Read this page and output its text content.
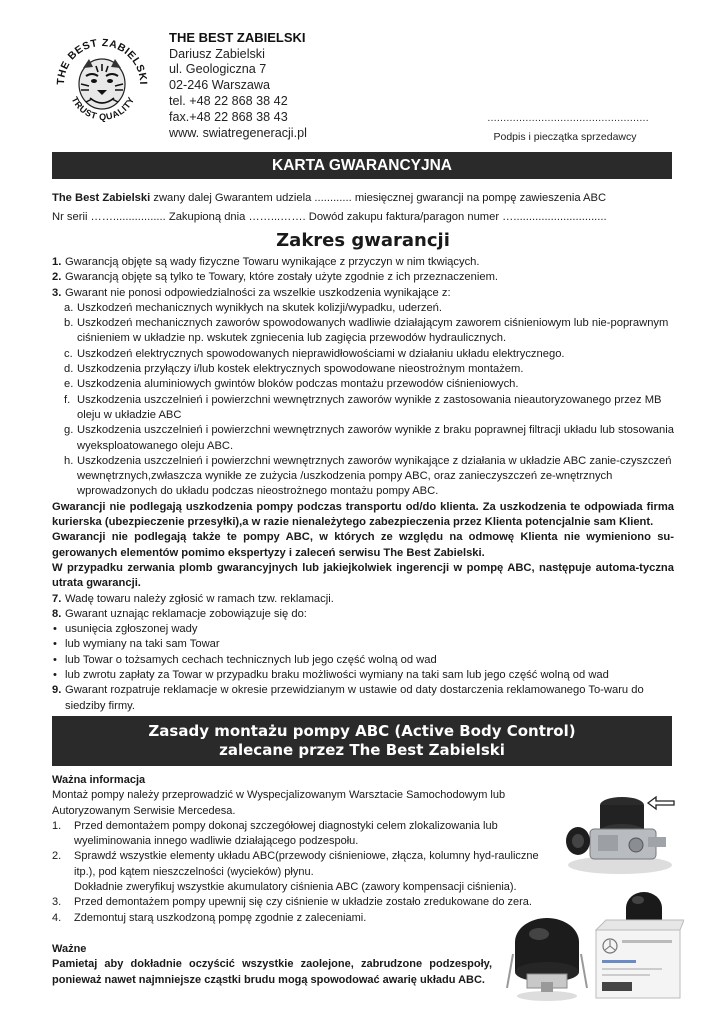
THE BEST ZABIELSKI
TRUST QUALITY
THE BEST ZABIELSKI
Dariusz Zabielski
ul. Geologiczna 7
02-246 Warszawa
tel. +48 22 868 38 42
fax.+48 22 868 38 43
www. swiatregeneracji.pl
……………………………………………
Podpis i pieczątka sprzedawcy
KARTA GWARANCYJNA
The Best Zabielski zwany dalej Gwarantem udziela ............ miesięcznej gwarancji na pompę zawieszenia ABC
Nr serii ……................. Zakupioną dnia ……...……. Dowód zakupu faktura/paragon numer …..............................
Zakres gwarancji
1. Gwarancją objęte są wady fizyczne Towaru wynikające z przyczyn w nim tkwiących.
2. Gwarancją objęte są tylko te Towary, które zostały użyte zgodnie z ich przeznaczeniem.
3. Gwarant nie ponosi odpowiedzialności za wszelkie uszkodzenia wynikające z:
a. Uszkodzeń mechanicznych wynikłych na skutek kolizji/wypadku, uderzeń.
b. Uszkodzeń mechanicznych zaworów spowodowanych wadliwie działającym zaworem ciśnieniowym lub nie-poprawnym ciśnieniem w układzie np. wskutek zgniecenia lub zagięcia przewodów hydraulicznych.
c. Uszkodzeń elektrycznych spowodowanych nieprawidłowościami w działaniu układu elektrycznego.
d. Uszkodzenia przyłączy i/lub kostek elektrycznych spowodowane nieostrożnym montażem.
e. Uszkodzenia aluminiowych gwintów bloków podczas montażu przewodów ciśnieniowych.
f. Uszkodzenia uszczelnień i powierzchni wewnętrznych zaworów wynikłe z zastosowania nieautoryzowanego przez MB oleju w układzie ABC
g. Uszkodzenia uszczelnień i powierzchni wewnętrznych zaworów wynikłe z braku poprawnej filtracji układu lub stosowania wyeksploatowanego oleju ABC.
h. Uszkodzenia uszczelnień i powierzchni wewnętrznych zaworów wynikające z działania w układzie ABC zanie-czyszczeń wewnętrznych,zwłaszcza wynikłe ze zużycia /uszkodzenia pompy ABC, oraz zanieczyszczeń ze-wnętrznych wprowadzonych do układu podczas nieostrożnego montażu pompy ABC.
Gwarancji nie podlegają uszkodzenia pompy podczas transportu od/do klienta. Za uszkodzenia te odpowiada firma kurierska (ubezpieczenie przesyłki),a w razie nienależytego zabezpieczenia przez Klienta potencjalnie sam Klient.
Gwarancji nie podlegają także te pompy ABC, w których ze względu na odmowę Klienta nie wymieniono su-gerowanych elementów pomimo ekspertyzy i zaleceń serwisu The Best Zabielski.
W przypadku zerwania plomb gwarancyjnych lub jakiejkolwiek ingerencji w pompę ABC, następuje automa-tyczna utrata gwarancji.
7. Wadę towaru należy zgłosić w ramach tzw. reklamacji.
8. Gwarant uznając reklamacje zobowiązuje się do:
• usunięcia zgłoszonej wady
• lub wymiany na taki sam Towar
• lub Towar o tożsamych cechach technicznych lub jego część wolną od wad
• lub zwrotu zapłaty za Towar w przypadku braku możliwości wymiany na taki sam lub jego część wolną od wad
9. Gwarant rozpatruje reklamacje w okresie przewidzianym w ustawie od daty dostarczenia reklamowanego To-waru do siedziby firmy.
Zasady montażu pompy ABC (Active Body Control)
zalecane przez The Best Zabielski
Ważna informacja
Montaż pompy należy przeprowadzić w Wyspecjalizowanym Warsztacie Samochodowym lub Autoryzowanym Serwisie Mercedesa.
1.	Przed demontażem pompy dokonaj szczegółowej diagnostyki celem zlokalizowania lub wyeliminowania innego wadliwie działającego podzespołu.
2.	Sprawdź wszystkie elementy układu ABC(przewody ciśnieniowe, złącza, kolumny hyd-rauliczne itp.), pod kątem nieszczelności (wycieków) płynu.
Dokładnie zweryfikuj wszystkie akumulatory ciśnienia ABC (zawory kompensacji ciśnienia).
3.	Przed demontażem pompy upewnij się czy ciśnienie w układzie zostało zredukowane do zera.
4.	Zdemontuj starą uszkodzoną pompę zgodnie z zaleceniami.
Ważne
Pamietaj aby dokładnie oczyścić wszystkie zaolejone, zabrudzone podzespoły, ponieważ nawet najmniejsze cząstki brudu mogą spowodować awarię układu ABC.
